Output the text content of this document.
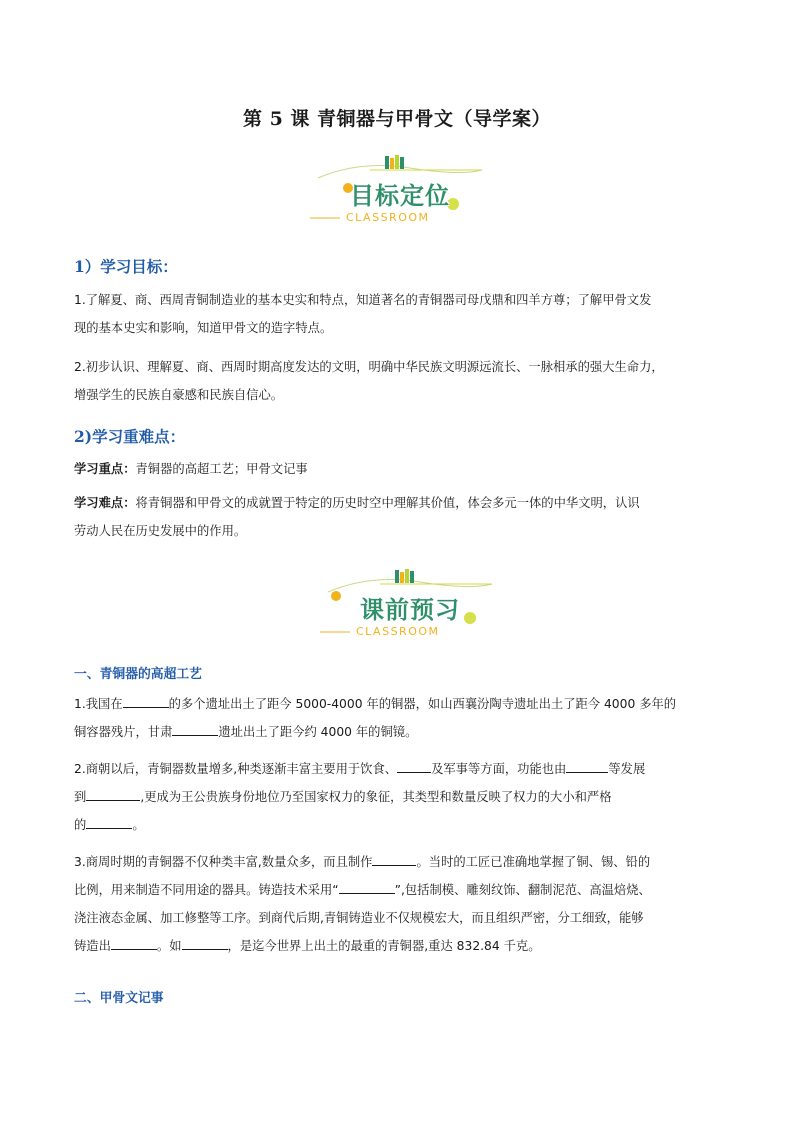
第 5 课 青铜器与甲骨文（导学案）
目标定位
CLASSROOM
1）学习目标：
1.了解夏、商、西周青铜制造业的基本史实和特点，知道著名的青铜器司母戊鼎和四羊方尊；了解甲骨文发
现的基本史实和影响，知道甲骨文的造字特点。
2.初步认识、理解夏、商、西周时期高度发达的文明，明确中华民族文明源远流长、一脉相承的强大生命力，
增强学生的民族自豪感和民族自信心。
2)学习重难点：
学习重点：青铜器的高超工艺；甲骨文记事
学习难点：将青铜器和甲骨文的成就置于特定的历史时空中理解其价值，体会多元一体的中华文明，认识
劳动人民在历史发展中的作用。
课前预习
CLASSROOM
一、青铜器的高超工艺
1.我国在	的多个遗址出土了距今 5000-4000 年的铜器，如山西襄汾陶寺遗址出土了距今 4000 多年的
铜容器残片，甘肃	遗址出土了距今约 4000 年的铜镜。
2.商朝以后，青铜器数量增多,种类逐渐丰富主要用于饮食、	及军事等方面，功能也由	等发展
到	,更成为王公贵族身份地位乃至国家权力的象征，其类型和数量反映了权力的大小和严格
的	。
3.商周时期的青铜器不仅种类丰富,数量众多，而且制作	。当时的工匠已准确地掌握了铜、锡、铅的
比例，用来制造不同用途的器具。铸造技术采用“	”,包括制模、雕刻纹饰、翻制泥范、高温焙烧、
浇注液态金属、加工修整等工序。到商代后期,青铜铸造业不仅规模宏大，而且组织严密，分工细致，能够
铸造出	。如	，是迄今世界上出土的最重的青铜器,重达 832.84 千克。
二、甲骨文记事
